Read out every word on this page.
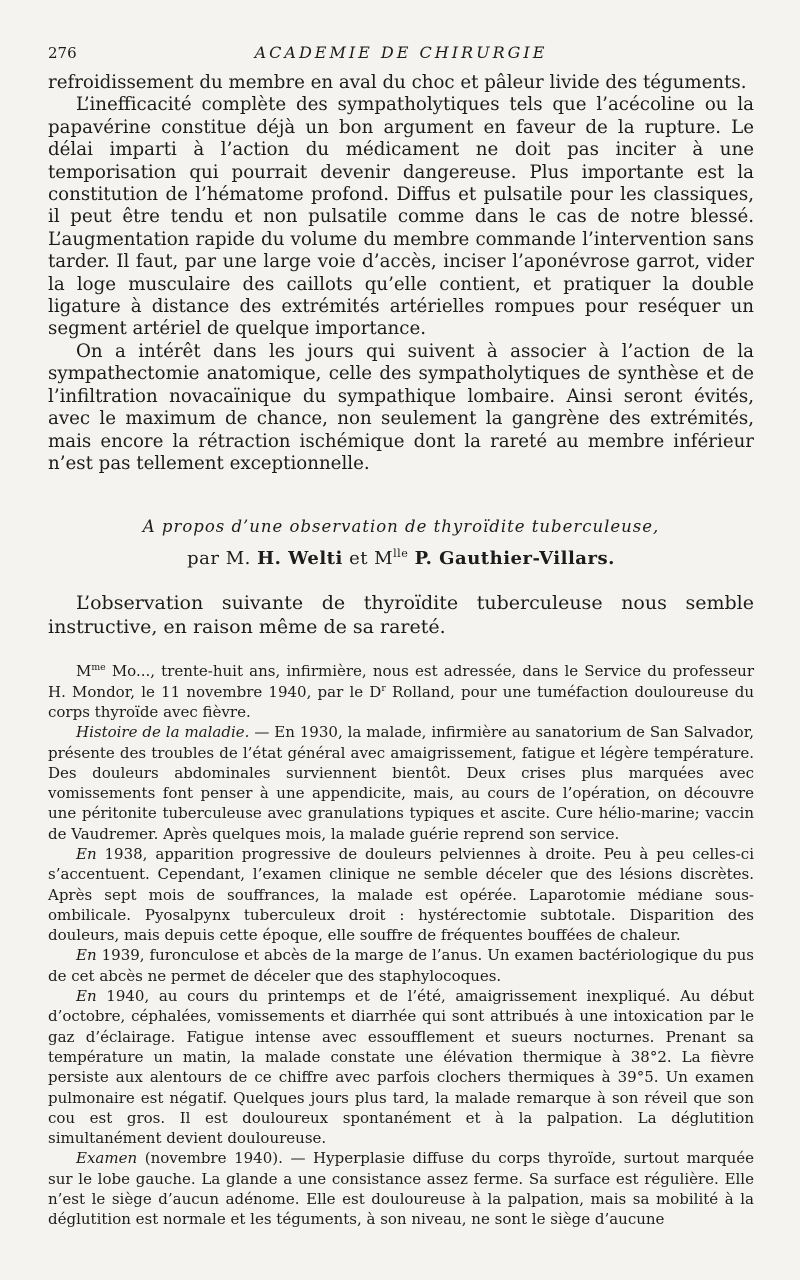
276	ACADEMIE DE CHIRURGIE

refroidissement du membre en aval du choc et pâleur livide des téguments.

L’inefficacité complète des sympatholytiques tels que l’acécoline ou la papavérine constitue déjà un bon argument en faveur de la rupture. Le délai imparti à l’action du médicament ne doit pas inciter à une temporisation qui pourrait devenir dangereuse. Plus importante est la constitution de l’hématome profond. Diffus et pulsatile pour les classiques, il peut être tendu et non pulsatile comme dans le cas de notre blessé. L’augmentation rapide du volume du membre commande l’intervention sans tarder. Il faut, par une large voie d’accès, inciser l’aponévrose garrot, vider la loge musculaire des caillots qu’elle contient, et pratiquer la double ligature à distance des extrémités artérielles rompues pour reséquer un segment artériel de quelque importance.

On a intérêt dans les jours qui suivent à associer à l’action de la sympathectomie anatomique, celle des sympatholytiques de synthèse et de l’infiltration novacaïnique du sympathique lombaire. Ainsi seront évités, avec le maximum de chance, non seulement la gangrène des extrémités, mais encore la rétraction ischémique dont la rareté au membre inférieur n’est pas tellement exceptionnelle.

A propos d’une observation de thyroïdite tuberculeuse,
par M. H. Welti et $M^{lle}$ P. Gauthier-Villars.
L’observation suivante de thyroïdite tuberculeuse nous semble instructive, en raison même de sa rareté.

$M^{me}$ Mo..., trente-huit ans, infirmière, nous est adressée, dans le Service du professeur H. Mondor, le 11 novembre 1940, par le $D^r$ Rolland, pour une tuméfaction douloureuse du corps thyroïde avec fièvre.

Histoire de la maladie. — En 1930, la malade, infirmière au sanatorium de San Salvador, présente des troubles de l’état général avec amaigrissement, fatigue et légère température. Des douleurs abdominales surviennent bientôt. Deux crises plus marquées avec vomissements font penser à une appendicite, mais, au cours de l’opération, on découvre une péritonite tuberculeuse avec granulations typiques et ascite. Cure hélio-marine; vaccin de Vaudremer. Après quelques mois, la malade guérie reprend son service.

En 1938, apparition progressive de douleurs pelviennes à droite. Peu à peu celles-ci s’accentuent. Cependant, l’examen clinique ne semble déceler que des lésions discrètes. Après sept mois de souffrances, la malade est opérée. Laparotomie médiane sous-ombilicale. Pyosalpynx tuberculeux droit : hystérectomie subtotale. Disparition des douleurs, mais depuis cette époque, elle souffre de fréquentes bouffées de chaleur.

En 1939, furonculose et abcès de la marge de l’anus. Un examen bactériologique du pus de cet abcès ne permet de déceler que des staphylocoques.

En 1940, au cours du printemps et de l’été, amaigrissement inexpliqué. Au début d’octobre, céphalées, vomissements et diarrhée qui sont attribués à une intoxication par le gaz d’éclairage. Fatigue intense avec essoufflement et sueurs nocturnes. Prenant sa température un matin, la malade constate une élévation thermique à 38°2. La fièvre persiste aux alentours de ce chiffre avec parfois clochers thermiques à 39°5. Un examen pulmonaire est négatif. Quelques jours plus tard, la malade remarque à son réveil que son cou est gros. Il est douloureux spontanément et à la palpation. La déglutition simultanément devient douloureuse.

Examen (novembre 1940). — Hyperplasie diffuse du corps thyroïde, surtout marquée sur le lobe gauche. La glande a une consistance assez ferme. Sa surface est régulière. Elle n’est le siège d’aucun adénome. Elle est douloureuse à la palpation, mais sa mobilité à la déglutition est normale et les téguments, à son niveau, ne sont le siège d’aucune
